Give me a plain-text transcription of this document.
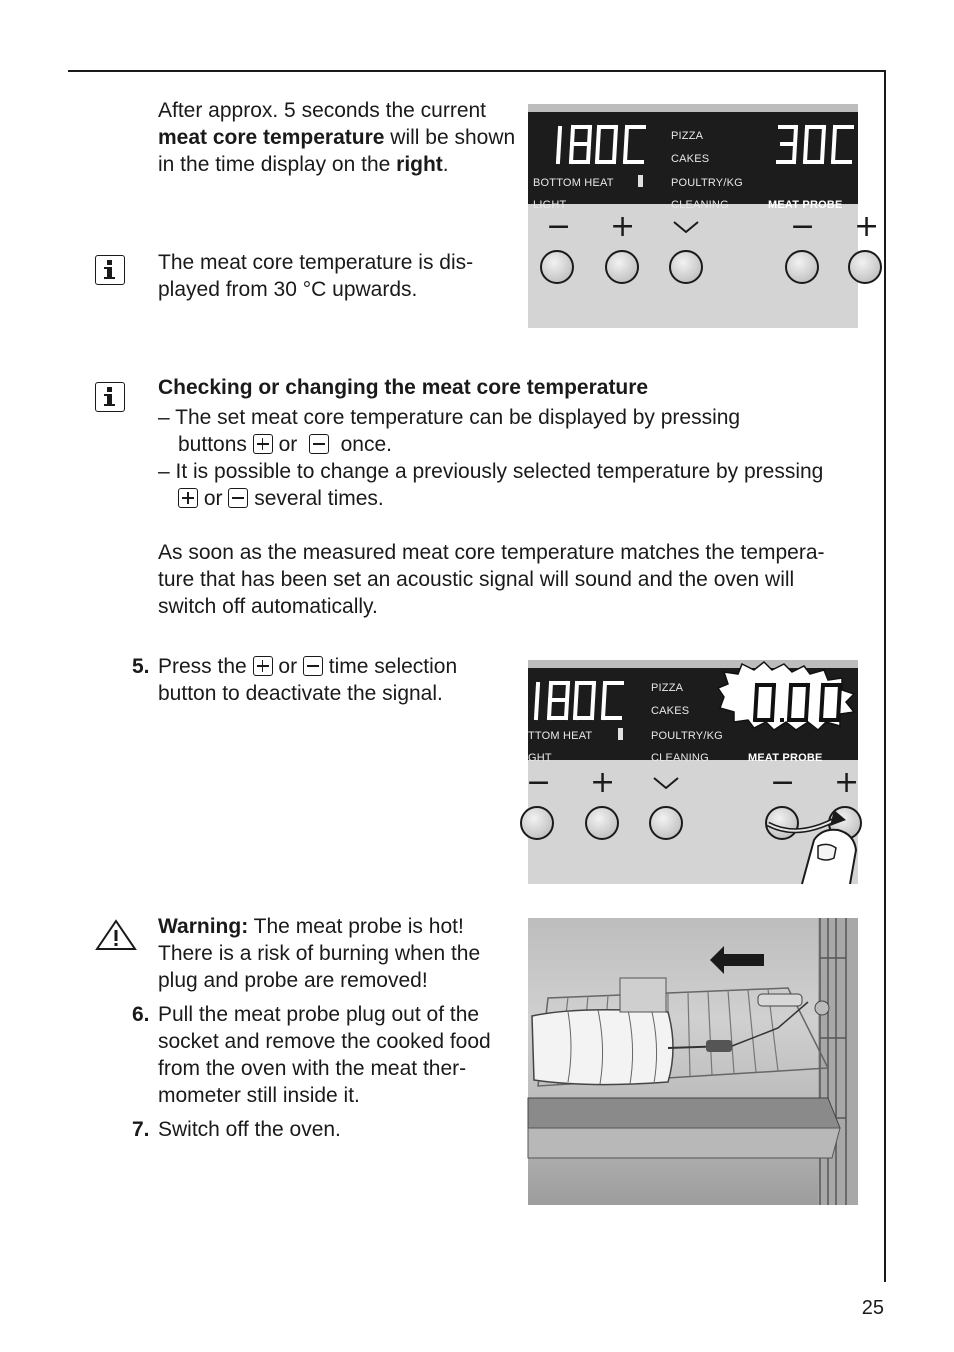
After approx. 5 seconds the current meat core temperature will be shown in the time display on the right.
The meat core temperature is dis-
played from 30 °C upwards.
PIZZA
CAKES
BOTTOM HEAT	POULTRY/KG
LIGHT	CLEANING	MEAT PROBE
− +	− +
Checking or changing the meat core temperature
– The set meat core temperature can be displayed by pressing
buttons or once.
– It is possible to change a previously selected temperature by pressing
or several times.
As soon as the measured meat core temperature matches the tempera-
ture that has been set an acoustic signal will sound and the oven will
switch off automatically.
5. Press the or time selection
button to deactivate the signal.	PIZZA
CAKES
TTOM HEAT	POULTRY/KG
GHT	CLEANING	MEAT PROBE
− +	− +
Warning: The meat probe is hot!
There is a risk of burning when the
plug and probe are removed!
6. Pull the meat probe plug out of the
socket and remove the cooked food
from the oven with the meat ther-
mometer still inside it.
7. Switch off the oven.
25
